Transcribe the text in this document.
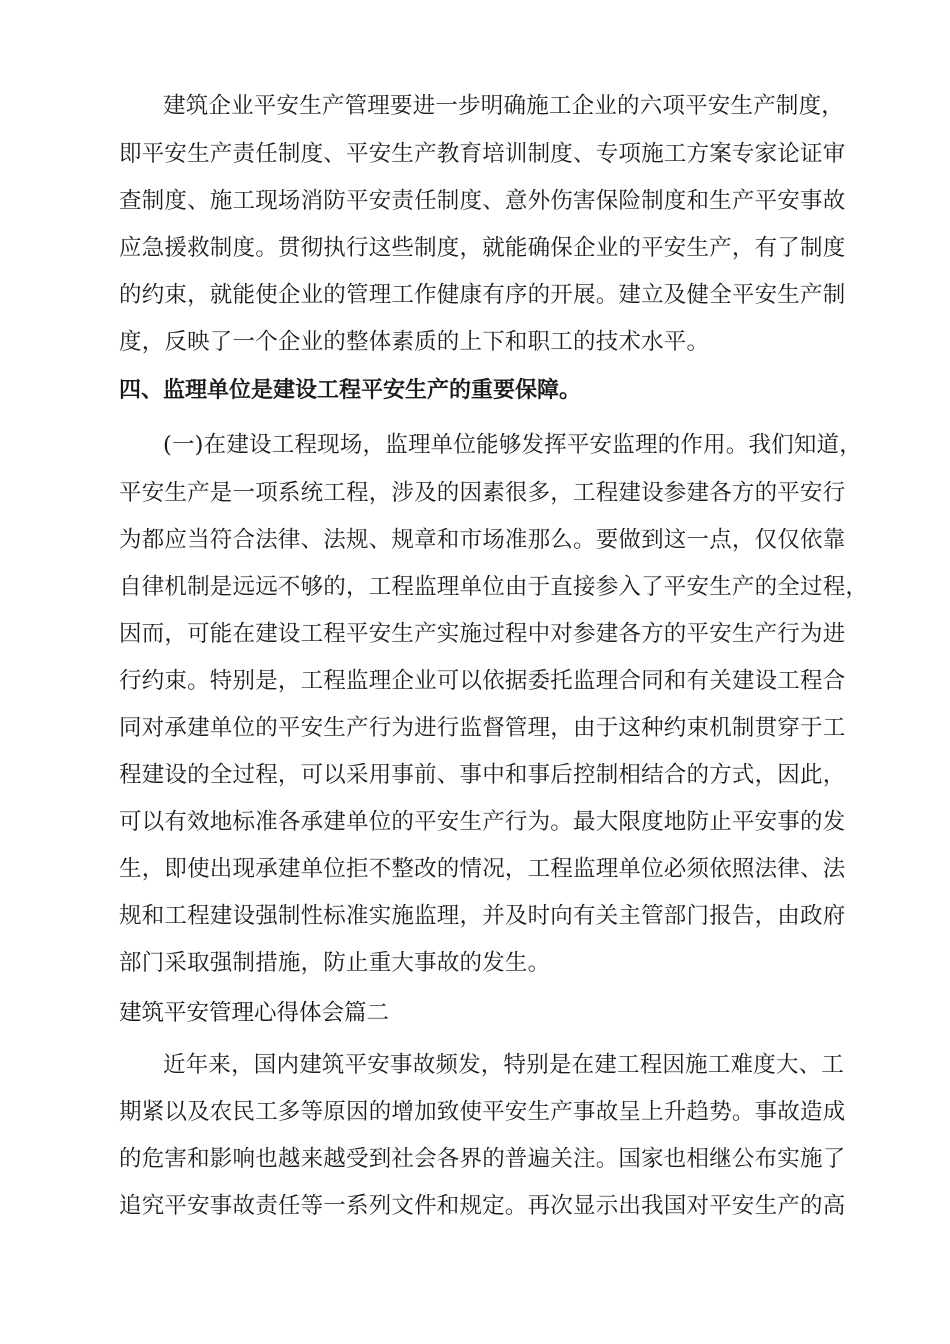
建筑企业平安生产管理要进一步明确施工企业的六项平安生产制度，
即平安生产责任制度、平安生产教育培训制度、专项施工方案专家论证审
查制度、施工现场消防平安责任制度、意外伤害保险制度和生产平安事故
应急援救制度。贯彻执行这些制度，就能确保企业的平安生产，有了制度
的约束，就能使企业的管理工作健康有序的开展。建立及健全平安生产制
度，反映了一个企业的整体素质的上下和职工的技术水平。
四、监理单位是建设工程平安生产的重要保障。
(一)在建设工程现场，监理单位能够发挥平安监理的作用。我们知道，
平安生产是一项系统工程，涉及的因素很多，工程建设参建各方的平安行
为都应当符合法律、法规、规章和市场准那么。要做到这一点，仅仅依靠
自律机制是远远不够的，工程监理单位由于直接参入了平安生产的全过程，
因而，可能在建设工程平安生产实施过程中对参建各方的平安生产行为进
行约束。特别是，工程监理企业可以依据委托监理合同和有关建设工程合
同对承建单位的平安生产行为进行监督管理，由于这种约束机制贯穿于工
程建设的全过程，可以采用事前、事中和事后控制相结合的方式，因此，
可以有效地标准各承建单位的平安生产行为。最大限度地防止平安事的发
生，即使出现承建单位拒不整改的情况，工程监理单位必须依照法律、法
规和工程建设强制性标准实施监理，并及时向有关主管部门报告，由政府
部门采取强制措施，防止重大事故的发生。
建筑平安管理心得体会篇二
近年来，国内建筑平安事故频发，特别是在建工程因施工难度大、工
期紧以及农民工多等原因的增加致使平安生产事故呈上升趋势。事故造成
的危害和影响也越来越受到社会各界的普遍关注。国家也相继公布实施了
追究平安事故责任等一系列文件和规定。再次显示出我国对平安生产的高
